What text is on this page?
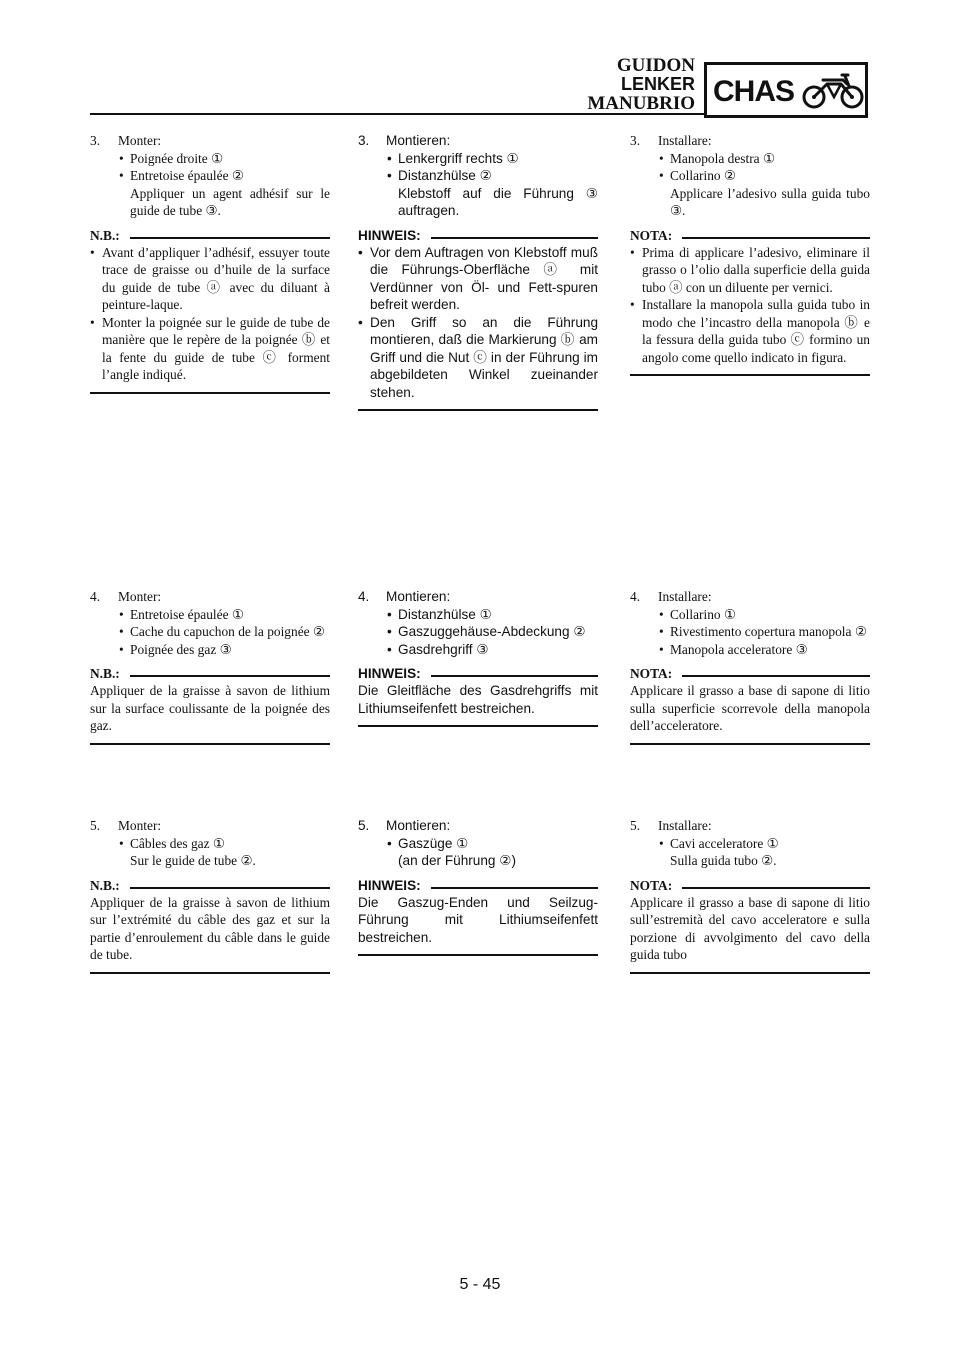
GUIDON
LENKER
MANUBRIO CHAS
3. Monter:
• Poignée droite ①
• Entretoise épaulée ②
Appliquer un agent adhésif sur le guide de tube ③.
N.B.:
• Avant d’appliquer l’adhésif, essuyer toute trace de graisse ou d’huile de la surface du guide de tube ⓐ avec du diluant à peinture-laque.
• Monter la poignée sur le guide de tube de manière que le repère de la poignée ⓑ et la fente du guide de tube ⓒ forment l’angle indiqué.
3. Montieren:
• Lenkergriff rechts ①
• Distanzhülse ②
Klebstoff auf die Führung ③ auftragen.
HINWEIS:
• Vor dem Auftragen von Klebstoff muß die Führungs-Oberfläche ⓐ mit Verdünner von Öl- und Fett-spuren befreit werden.
• Den Griff so an die Führung montieren, daß die Markierung ⓑ am Griff und die Nut ⓒ in der Führung im abgebildeten Winkel zueinander stehen.
3. Installare:
• Manopola destra ①
• Collarino ②
Applicare l’adesivo sulla guida tubo ③.
NOTA:
• Prima di applicare l’adesivo, eliminare il grasso o l’olio dalla superficie della guida tubo ⓐ con un diluente per vernici.
• Installare la manopola sulla guida tubo in modo che l’incastro della manopola ⓑ e la fessura della guida tubo ⓒ formino un angolo come quello indicato in figura.
4. Monter:
• Entretoise épaulée ①
• Cache du capuchon de la poignée ②
• Poignée des gaz ③
N.B.:
Appliquer de la graisse à savon de lithium sur la surface coulissante de la poignée des gaz.
4. Montieren:
• Distanzhülse ①
• Gaszuggehäuse-Abdeckung ②
• Gasdrehgriff ③
HINWEIS:
Die Gleitfläche des Gasdrehgriffs mit Lithiumseifenfett bestreichen.
4. Installare:
• Collarino ①
• Rivestimento copertura manopola ②
• Manopola acceleratore ③
NOTA:
Applicare il grasso a base di sapone di litio sulla superficie scorrevole della manopola dell’acceleratore.
5. Monter:
• Câbles des gaz ①
Sur le guide de tube ②.
N.B.:
Appliquer de la graisse à savon de lithium sur l’extrémité du câble des gaz et sur la partie d’enroulement du câble dans le guide de tube.
5. Montieren:
• Gaszüge ①
(an der Führung ②)
HINWEIS:
Die Gaszug-Enden und Seilzug-Führung mit Lithiumseifenfett bestreichen.
5. Installare:
• Cavi acceleratore ①
Sulla guida tubo ②.
NOTA:
Applicare il grasso a base di sapone di litio sull’estremità del cavo acceleratore e sulla porzione di avvolgimento del cavo della guida tubo
5 - 45
